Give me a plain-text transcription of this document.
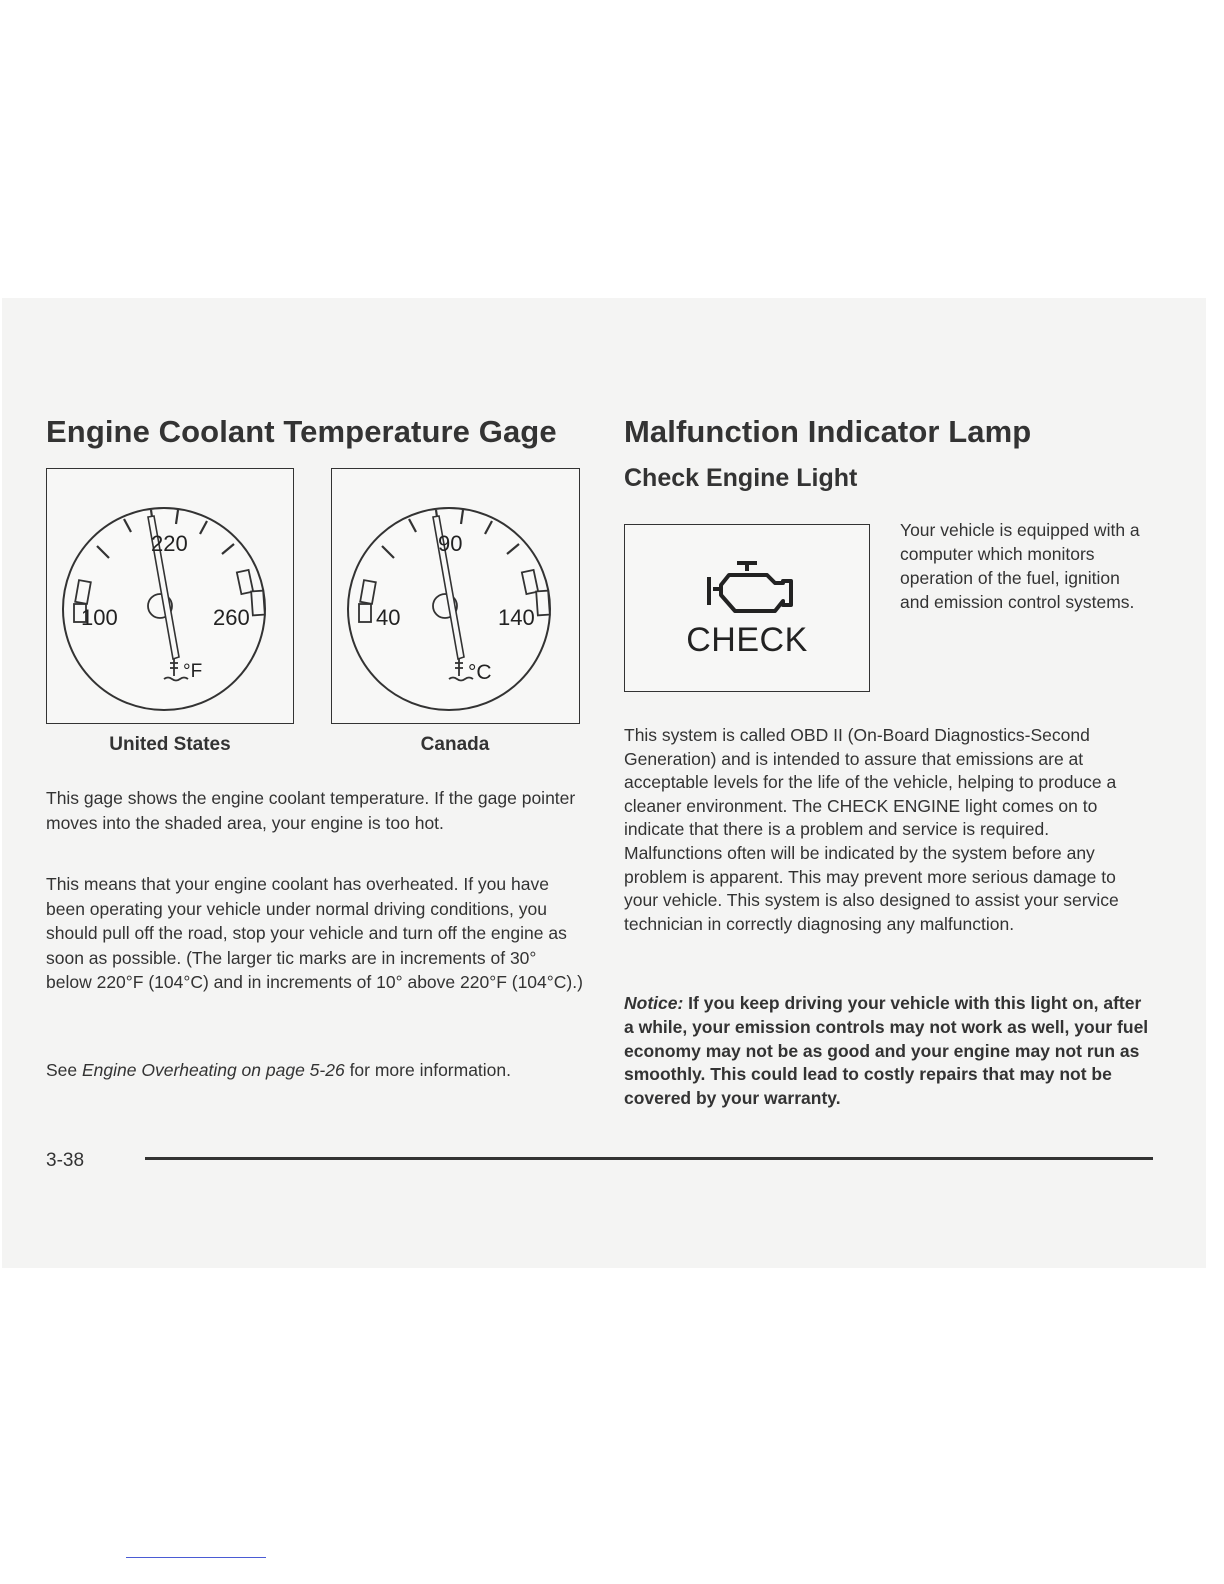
Engine Coolant Temperature Gage
220
100	260
°F
90
40	140
°C
United States	Canada

This gage shows the engine coolant temperature. If the gage pointer moves into the shaded area, your engine is too hot.

This means that your engine coolant has overheated. If you have been operating your vehicle under normal driving conditions, you should pull off the road, stop your vehicle and turn off the engine as soon as possible. (The larger tic marks are in increments of 30° below 220°F (104°C) and in increments of 10° above 220°F (104°C).)

See Engine Overheating on page 5-26 for more information.

Malfunction Indicator Lamp
Check Engine Light
CHECK

Your vehicle is equipped with a computer which monitors operation of the fuel, ignition and emission control systems.

This system is called OBD II (On-Board Diagnostics-Second Generation) and is intended to assure that emissions are at acceptable levels for the life of the vehicle, helping to produce a cleaner environment. The CHECK ENGINE light comes on to indicate that there is a problem and service is required. Malfunctions often will be indicated by the system before any problem is apparent. This may prevent more serious damage to your vehicle. This system is also designed to assist your service technician in correctly diagnosing any malfunction.

Notice: If you keep driving your vehicle with this light on, after a while, your emission controls may not work as well, your fuel economy may not be as good and your engine may not run as smoothly. This could lead to costly repairs that may not be covered by your warranty.

3-38
